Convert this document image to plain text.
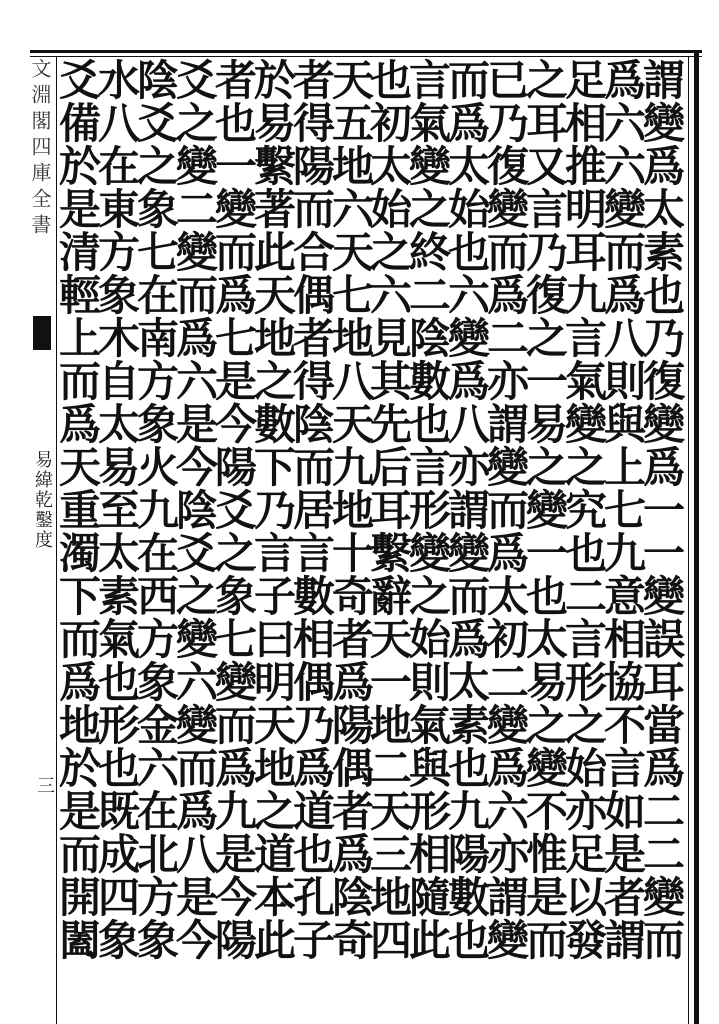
文淵閣四庫全書
易緯乾鑿度
三	謂變爲太素也乃復變爲一一變誤耳當爲二二變而
爲六六變而爲八則與上七九意相協不言如是者謂
足相推明耳九言氣變之究也二言形之始亦足以發
之耳又言乃復之一易之變一也太易之變不惟是而
已乃復變而爲二亦謂變而爲太初二變爲六亦謂變
而爲太始也六變爲八亦謂變而爲太素也九陽數也
言氣變之終二陰數也言形變之始則氣與形相隨此
也初太始之六見其先后耳繫辭天一地二天三地四
天五地六天七地八天九地十奇者爲陽偶者爲陰奇
者得陽而合偶者得陰而居言數相偶乃爲道也孔子
於易繫著此天地之數下乃言子曰明天地之道本此
者也一變而爲七是今陽爻之象七變而爲九是今陽
爻之變二變而爲六是今陰爻之變六變而爲八是今
陰爻之象七在南方象火九在西方象金六在北方象
水八在東方象木自太易至太素氣也形也既成四象
爻備於是清輕上而爲天重濁下而爲地於是而開闔
